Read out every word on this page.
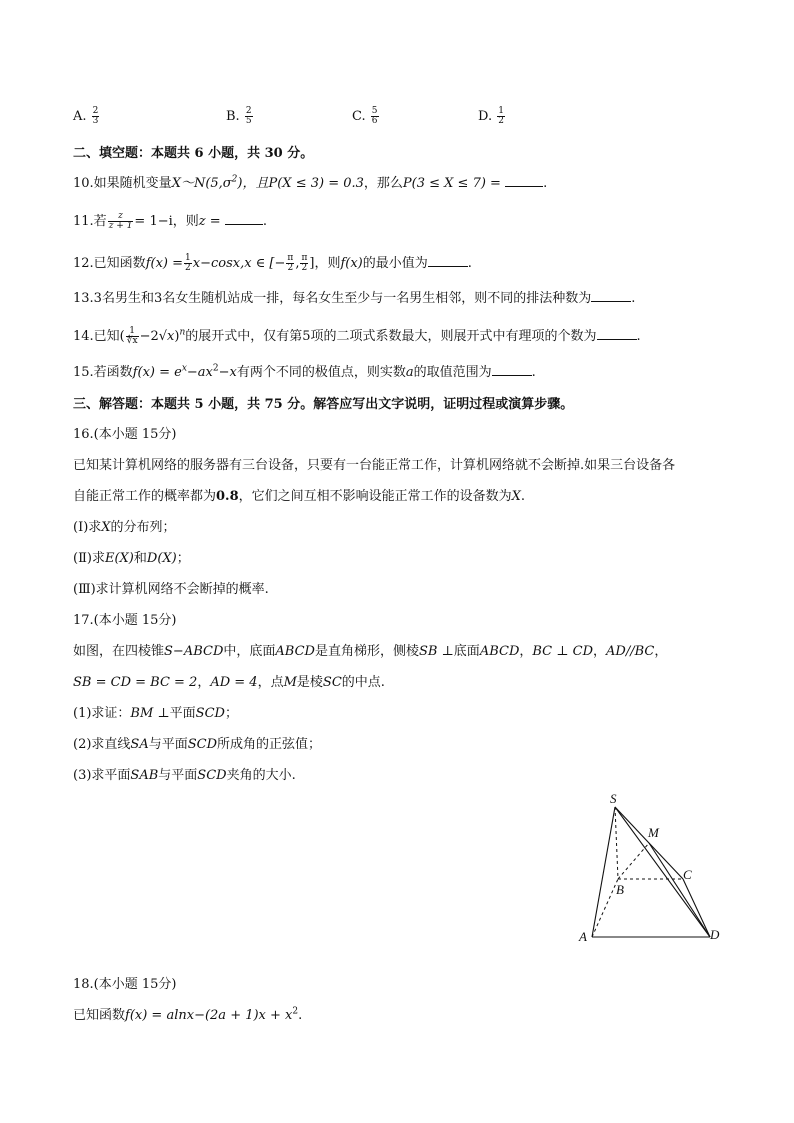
A. $\frac{2}{3}$	B. $\frac{2}{5}$	C. $\frac{5}{6}$	D. $\frac{1}{2}$
二、填空题：本题共 6 小题，共 30 分。
10.如果随机变量$X\sim N(5,\sigma^2)$，且P(X ≤ 3) = 0.3，那么P(3 ≤ X ≤ 7) =	.
11.若 $\frac{z}{z + 1} = 1-i$，则z =	.
12.已知函数$f(x) = \frac{1}{2} x-\cos x,x$ ∈ [− $\frac{\pi}{2}$ , $\frac{\pi}{2}$ ]，则f(x)的最小值为	.
13.3名男生和3名女生随机站成一排，每名女生至少与一名男生相邻，则不同的排法种数为	.
14.已知( $\frac{1}{∜x} -2√x)^n$的展开式中，仅有第5项的二项式系数最大，则展开式中有理项的个数为	.
15.若函数$f(x) = e^x-ax^2-x$有两个不同的极值点，则实数a的取值范围为	.
三、解答题：本题共 5 小题，共 75 分。解答应写出文字说明，证明过程或演算步骤。
16.(本小题 15分)
已知某计算机网络的服务器有三台设备，只要有一台能正常工作，计算机网络就不会断掉.如果三台设备各
自能正常工作的概率都为0.8，它们之间互相不影响设能正常工作的设备数为X.
(Ⅰ)求X的分布列；
(Ⅱ)求E(X)和D(X)；
(Ⅲ)求计算机网络不会断掉的概率.
17.(本小题 15分)
如图，在四棱锥S−ABCD中，底面ABCD是直角梯形，侧棱SB ⊥底面ABCD，BC ⊥ CD，AD//BC，
SB = CD = BC = 2，AD = 4，点M是棱SC的中点.
(1)求证：BM ⊥平面SCD；
(2)求直线SA与平面SCD所成角的正弦值；
(3)求平面SAB与平面SCD夹角的大小.
S
M
B
C
A	D
18.(本小题 15分)
已知函数$f(x) = alnx-(2a + 1)x + x^2$.
